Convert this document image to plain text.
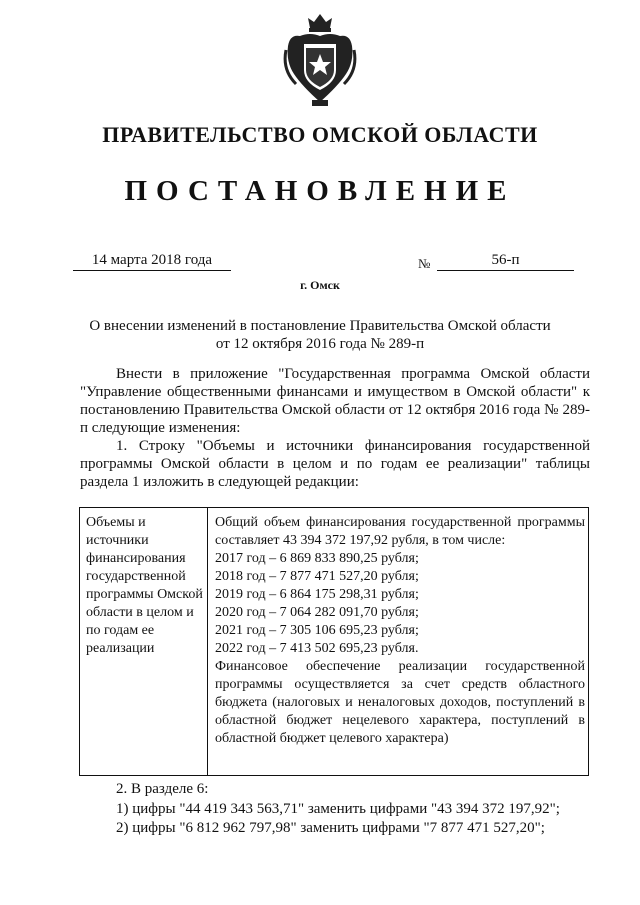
ПРАВИТЕЛЬСТВО ОМСКОЙ ОБЛАСТИ
ПОСТАНОВЛЕНИЕ
14 марта 2018 года	№	56-п
г. Омск
О внесении изменений в постановление Правительства Омской области
от 12 октября 2016 года № 289-п
Внести в приложение "Государственная программа Омской области "Управление общественными финансами и имуществом в Омской области" к постановлению Правительства Омской области от 12 октября 2016 года № 289-п следующие изменения:
1. Строку "Объемы и источники финансирования государственной программы Омской области в целом и по годам ее реализации" таблицы раздела 1 изложить в следующей редакции:
Объемы и источники финансирования государственной программы Омской области в целом и по годам ее реализации
Общий объем финансирования государственной программы составляет 43 394 372 197,92 рубля, в том числе:
2017 год – 6 869 833 890,25 рубля;
2018 год – 7 877 471 527,20 рубля;
2019 год – 6 864 175 298,31 рубля;
2020 год – 7 064 282 091,70 рубля;
2021 год – 7 305 106 695,23 рубля;
2022 год – 7 413 502 695,23 рубля.
Финансовое обеспечение реализации государственной программы осуществляется за счет средств областного бюджета (налоговых и неналоговых доходов, поступлений в областной бюджет нецелевого характера, поступлений в областной бюджет целевого характера)
2. В разделе 6:
1) цифры "44 419 343 563,71" заменить цифрами "43 394 372 197,92";
2) цифры "6 812 962 797,98" заменить цифрами "7 877 471 527,20";
